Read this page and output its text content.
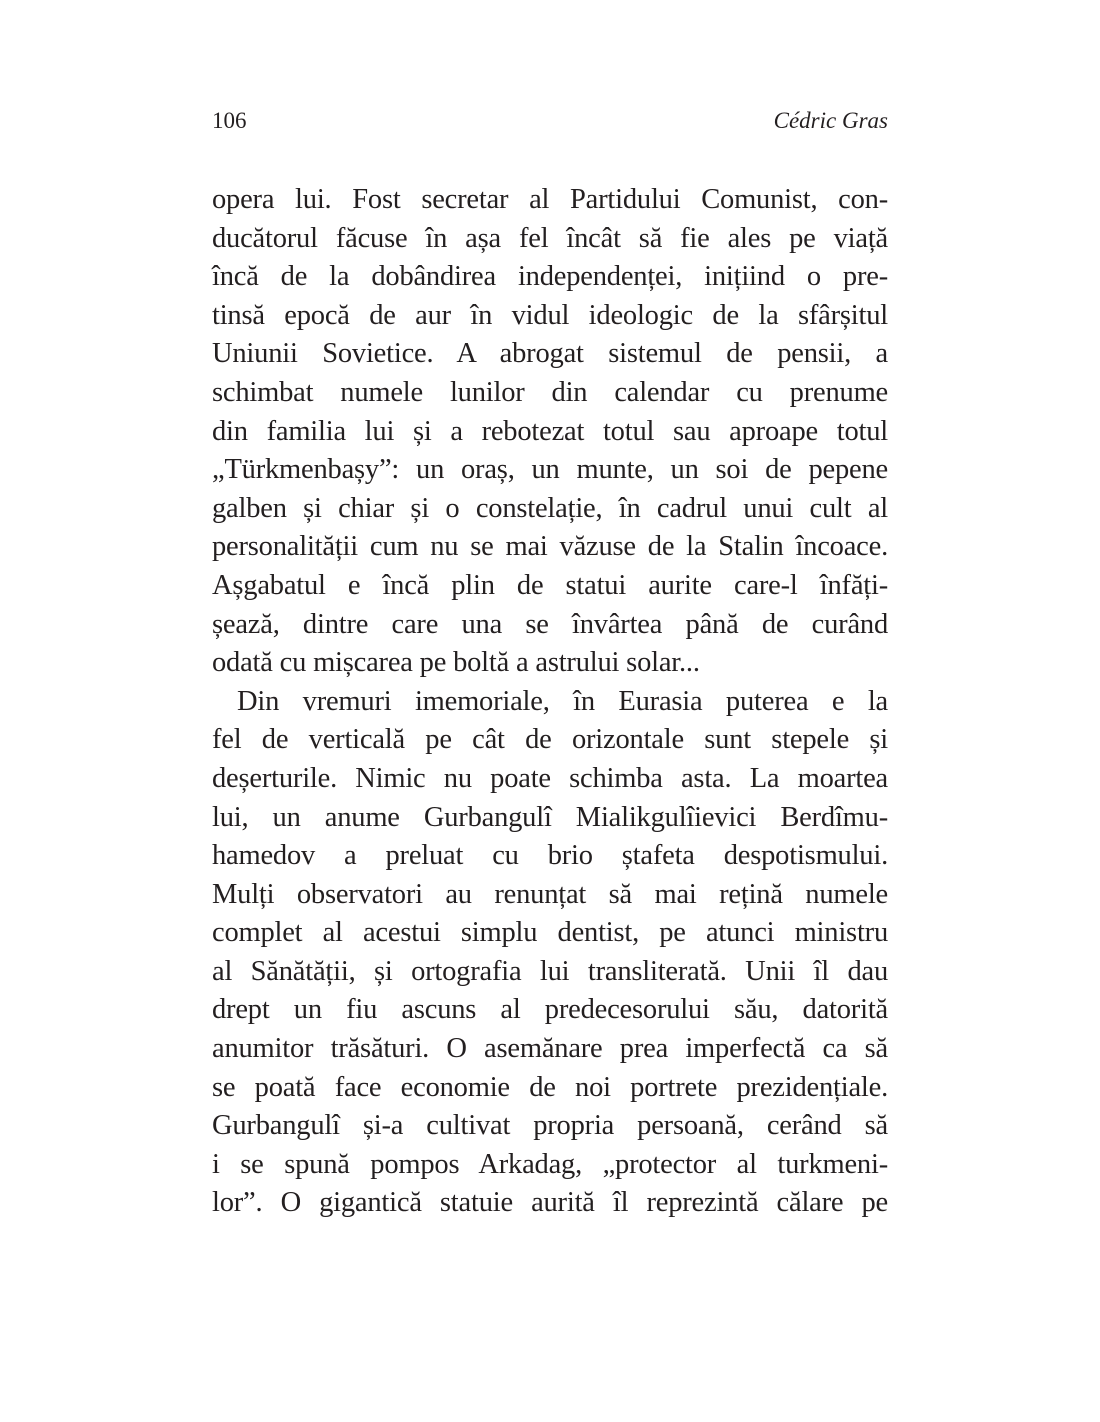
106	Cédric Gras
opera lui. Fost secretar al Partidului Comunist, con-
ducătorul făcuse în așa fel încât să fie ales pe viață
încă de la dobândirea independenței, inițiind o pre-
tinsă epocă de aur în vidul ideologic de la sfârșitul
Uniunii Sovietice. A abrogat sistemul de pensii, a
schimbat numele lunilor din calendar cu prenume
din familia lui și a rebotezat totul sau aproape totul
„Türkmenbașy”: un oraș, un munte, un soi de pepene
galben și chiar și o constelație, în cadrul unui cult al
personalității cum nu se mai văzuse de la Stalin încoace.
Așgabatul e încă plin de statui aurite care-l înfăți-
șează, dintre care una se învârtea până de curând
odată cu mișcarea pe boltă a astrului solar...
Din vremuri imemoriale, în Eurasia puterea e la
fel de verticală pe cât de orizontale sunt stepele și
deșerturile. Nimic nu poate schimba asta. La moartea
lui, un anume Gurbangulî Mialikgulîievici Berdîmu-
hamedov a preluat cu brio ștafeta despotismului.
Mulți observatori au renunțat să mai rețină numele
complet al acestui simplu dentist, pe atunci ministru
al Sănătății, și ortografia lui transliterată. Unii îl dau
drept un fiu ascuns al predecesorului său, datorită
anumitor trăsături. O asemănare prea imperfectă ca să
se poată face economie de noi portrete prezidențiale.
Gurbangulî și-a cultivat propria persoană, cerând să
i se spună pompos Arkadag, „protector al turkmeni-
lor”. O gigantică statuie aurită îl reprezintă călare pe
